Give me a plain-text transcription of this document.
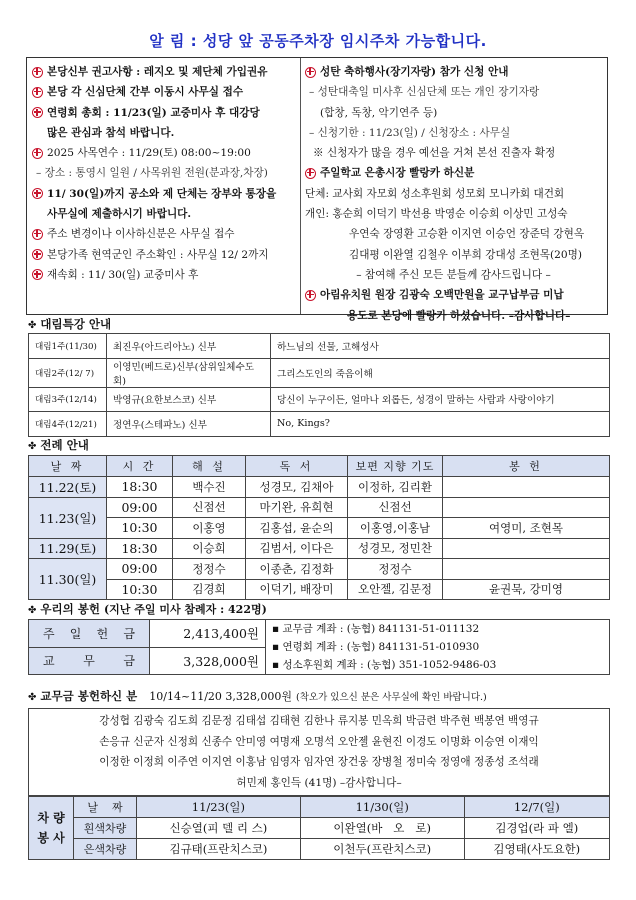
알 림 : 성당 앞 공동주차장 임시주차 가능합니다.
본당신부 권고사항 : 레지오 및 제단체 가입권유
본당 각 신심단체 간부 이동시 사무실 접수
연령회 총회 : 11/23(일) 교중미사 후 대강당
많은 관심과 참석 바랍니다.
2025 사목연수 : 11/29(토) 08:00~19:00
– 장소 : 통영시 일원 / 사목위원 전원(분과장,차장)
11/ 30(일)까지 공소와 제 단체는 장부와 통장을
사무실에 제출하시기 바랍니다.
주소 변경이나 이사하신분은 사무실 접수
본당가족 현역군인 주소확인 : 사무실 12/ 2까지
재속회 : 11/ 30(일) 교중미사 후
성탄 축하행사(장기자랑) 참가 신청 안내
– 성탄대축일 미사후 신심단체 또는 개인 장기자랑
(합창, 독창, 악기연주 등)
– 신청기한 : 11/23(일) / 신청장소 : 사무실
※ 신청자가 많을 경우 예선을 거쳐 본선 진출자 확정
주일학교 은총시장 빨랑카 하신분
단체: 교사회 자모회 성소후원회 성모회 모니카회 대건회
개인: 홍순희 이덕기 박선용 박영순 이승희 이상민 고성숙
우연숙 장영환 고승환 이지연 이승언 장준덕 강현옥
김대평 이완열 김철우 이부희 강대성 조현목(20명)
– 참여해 주신 모든 분들께 감사드립니다 –
아림유치원 원장 김광숙 오백만원을 교구납부금 미납
용도로 본당에 빨랑카 하셨습니다. –감사합니다–
✤ 대림특강 안내
대림1주(11/30)	최진우(아드리아노) 신부	하느님의 선물, 고해성사
대림2주(12/ 7)	이영민(베드로)신부(삼위일체수도회)	그리스도인의 죽음이해
대림3주(12/14)	박영규(요한보스코) 신부	당신이 누구이든, 얼마나 외롭든, 성경이 말하는 사람과 사랑이야기
대림4주(12/21)	정연우(스테파노) 신부	No, Kings?
✤ 전례 안내
날 짜	시 간	해 설	독 서	보편 지향 기도	봉 헌
11.22(토)	18:30	백수진	성경모, 김채아	이정하, 김리환	
11.23(일)	09:00	신점선	마기완, 유희현	신점선	
	10:30	이홍영	김홍섭, 윤순의	이홍영,이홍남	여영미, 조현목
11.29(토)	18:30	이승희	김범서, 이다은	성경모, 정민찬	
11.30(일)	09:00	정정수	이종춘, 김정화	정정수	
	10:30	김경희	이덕기, 배장미	오안젤, 김문정	윤권묵, 강미영
✤ 우리의 봉헌 (지난 주일 미사 참례자 : 422명)
주 일 헌 금	2,413,400원	▪ 교무금 계좌 : (농협) 841131-51-011132
▪ 연령회 계좌 : (농협) 841131-51-010930
▪ 성소후원회 계좌 : (농협) 351-1052-9486-03

교 무 금	3,328,000원	
✤ 교무금 봉헌하신 분 10/14~11/20 3,328,000원 (착오가 있으신 분은 사무실에 확인 바랍니다.)
강성협 김광숙 김도희 김문정 김태섭 김태현 김한나 류지봉 민옥희 박금련 박주현 백봉연 백영규
손응규 신군자 신정희 신종수 안미영 여명재 오명석 오안젤 윤현진 이경도 이명화 이승연 이재익
이정한 이정희 이주연 이지연 이홍남 임영자 임자연 장건웅 장병철 정미숙 정영애 정종성 조석래
허민제 홍인득 (41명) –감사합니다–
차 량
봉 사	날    짜	11/23(일)	11/30(일)	12/7(일)
	흰색차량	신승열(피 델 리 스)	이완열(바   오   로)	김경업(라 파 엘)
	은색차량	김규태(프란치스코)	이천두(프란치스코)	김영태(사도요한)
